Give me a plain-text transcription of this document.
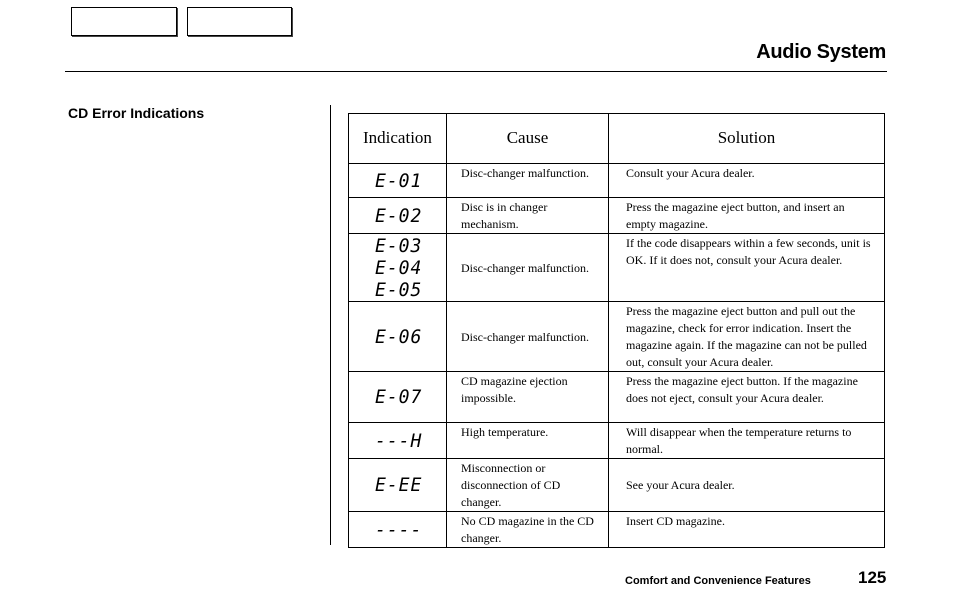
Audio System
CD Error Indications
Indication	Cause	Solution

E-01	Disc-changer malfunction.	Consult your Acura dealer.

E-02	Disc is in changer mechanism.	Press the magazine eject button, and insert an empty magazine.

E-03
E-04
E-05	Disc-changer malfunction.	If the code disappears within a few seconds, unit is OK. If it does not, consult your Acura dealer.

E-06	Disc-changer malfunction.	Press the magazine eject button and pull out the magazine, check for error indication. Insert the magazine again. If the magazine can not be pulled out, consult your Acura dealer.

E-07	CD magazine ejection impossible.	Press the magazine eject button. If the magazine does not eject, consult your Acura dealer.

---H	High temperature.	Will disappear when the temperature returns to normal.

E-EE	Misconnection or disconnection of CD changer.	See your Acura dealer.

----	No CD magazine in the CD changer.	Insert CD magazine.
Comfort and Convenience Features	125
